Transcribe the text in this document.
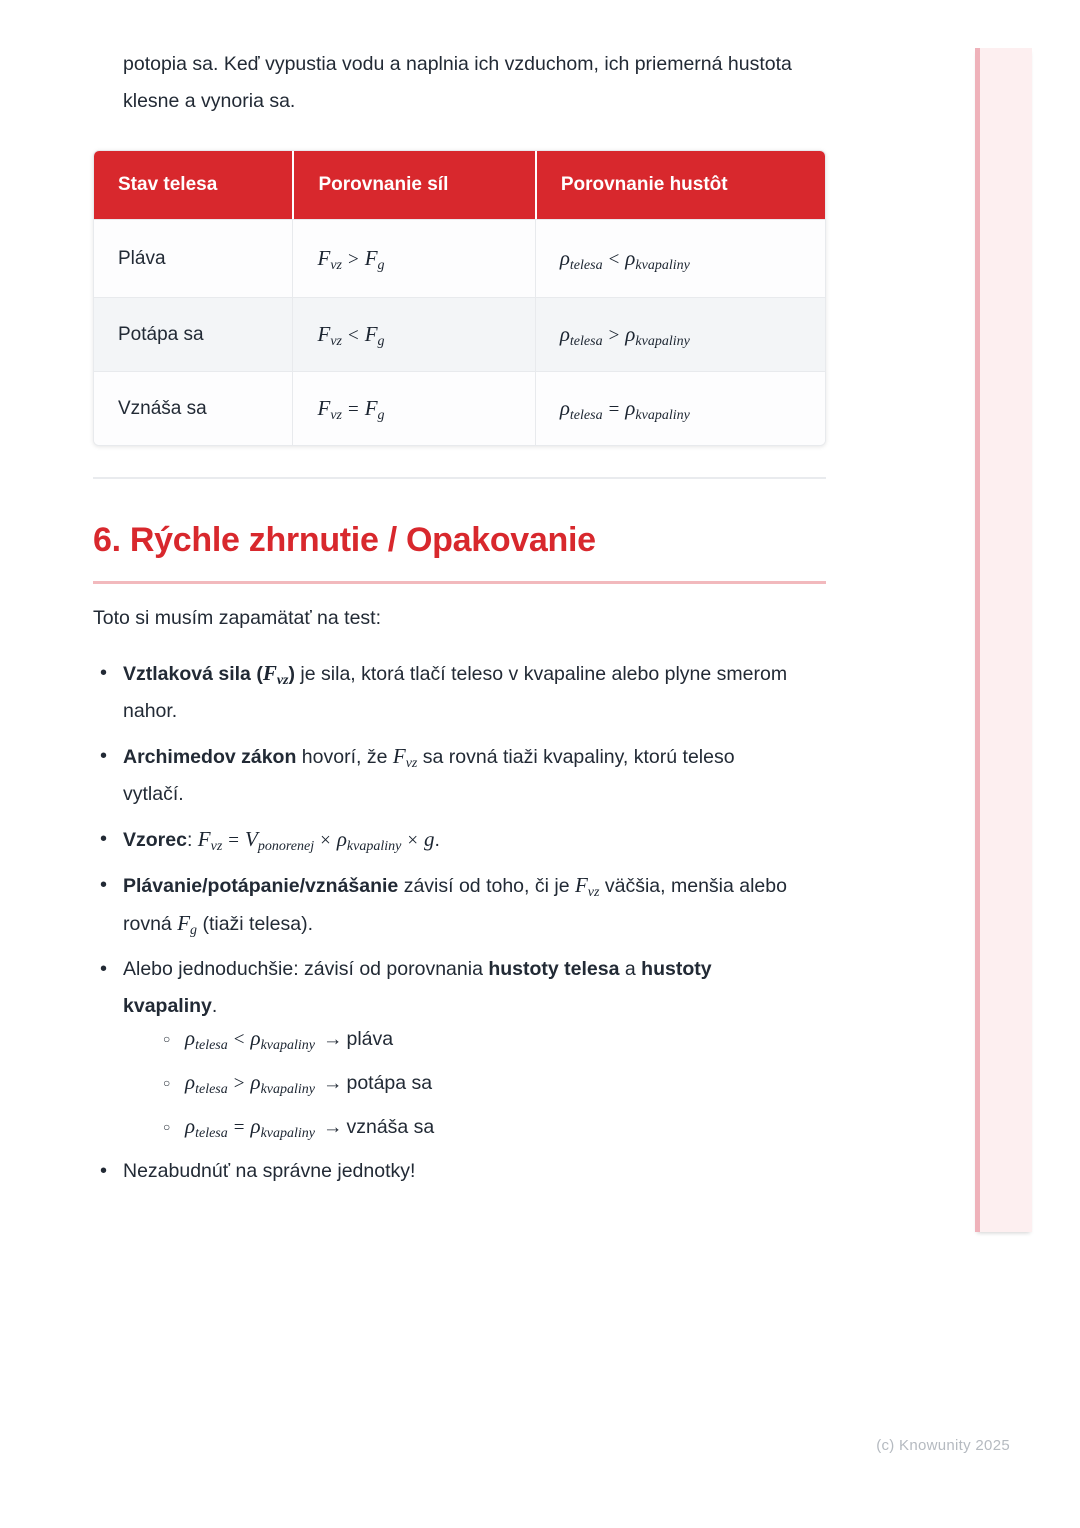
potopia sa. Keď vypustia vodu a naplnia ich vzduchom, ich priemerná hustota klesne a vynoria sa.

Stav telesa	Porovnanie síl	Porovnanie hustôt
Pláva	$F_{vz} > F_g$	$\rho_{telesa} < \rho_{kvapaliny}$
Potápa sa	$F_{vz} < F_g$	$\rho_{telesa} > \rho_{kvapaliny}$
Vznáša sa	$F_{vz} = F_g$	$\rho_{telesa} = \rho_{kvapaliny}$
6. Rýchle zhrnutie / Opakovanie

Toto si musím zapamätať na test:

• Vztlaková sila $(F_{vz})$ je sila, ktorá tlačí teleso v kvapaline alebo plyne smerom nahor.
• Archimedov zákon hovorí, že $F_{vz}$ sa rovná tiaži kvapaliny, ktorú teleso vytlačí.
• Vzorec: $F_{vz} = V_{ponorenej} \times \rho_{kvapaliny} \times g$.
• Plávanie/potápanie/vznášanie závisí od toho, či je $F_{vz}$ väčšia, menšia alebo rovná $F_g$ (tiaži telesa).
• Alebo jednoduchšie: závisí od porovnania hustoty telesa a hustoty kvapaliny.
○ $\rho_{telesa} < \rho_{kvapaliny}$ → pláva
○ $\rho_{telesa} > \rho_{kvapaliny}$ → potápa sa
○ $\rho_{telesa} = \rho_{kvapaliny}$ → vznáša sa
• Nezabudnúť na správne jednotky!
(c) Knowunity 2025
